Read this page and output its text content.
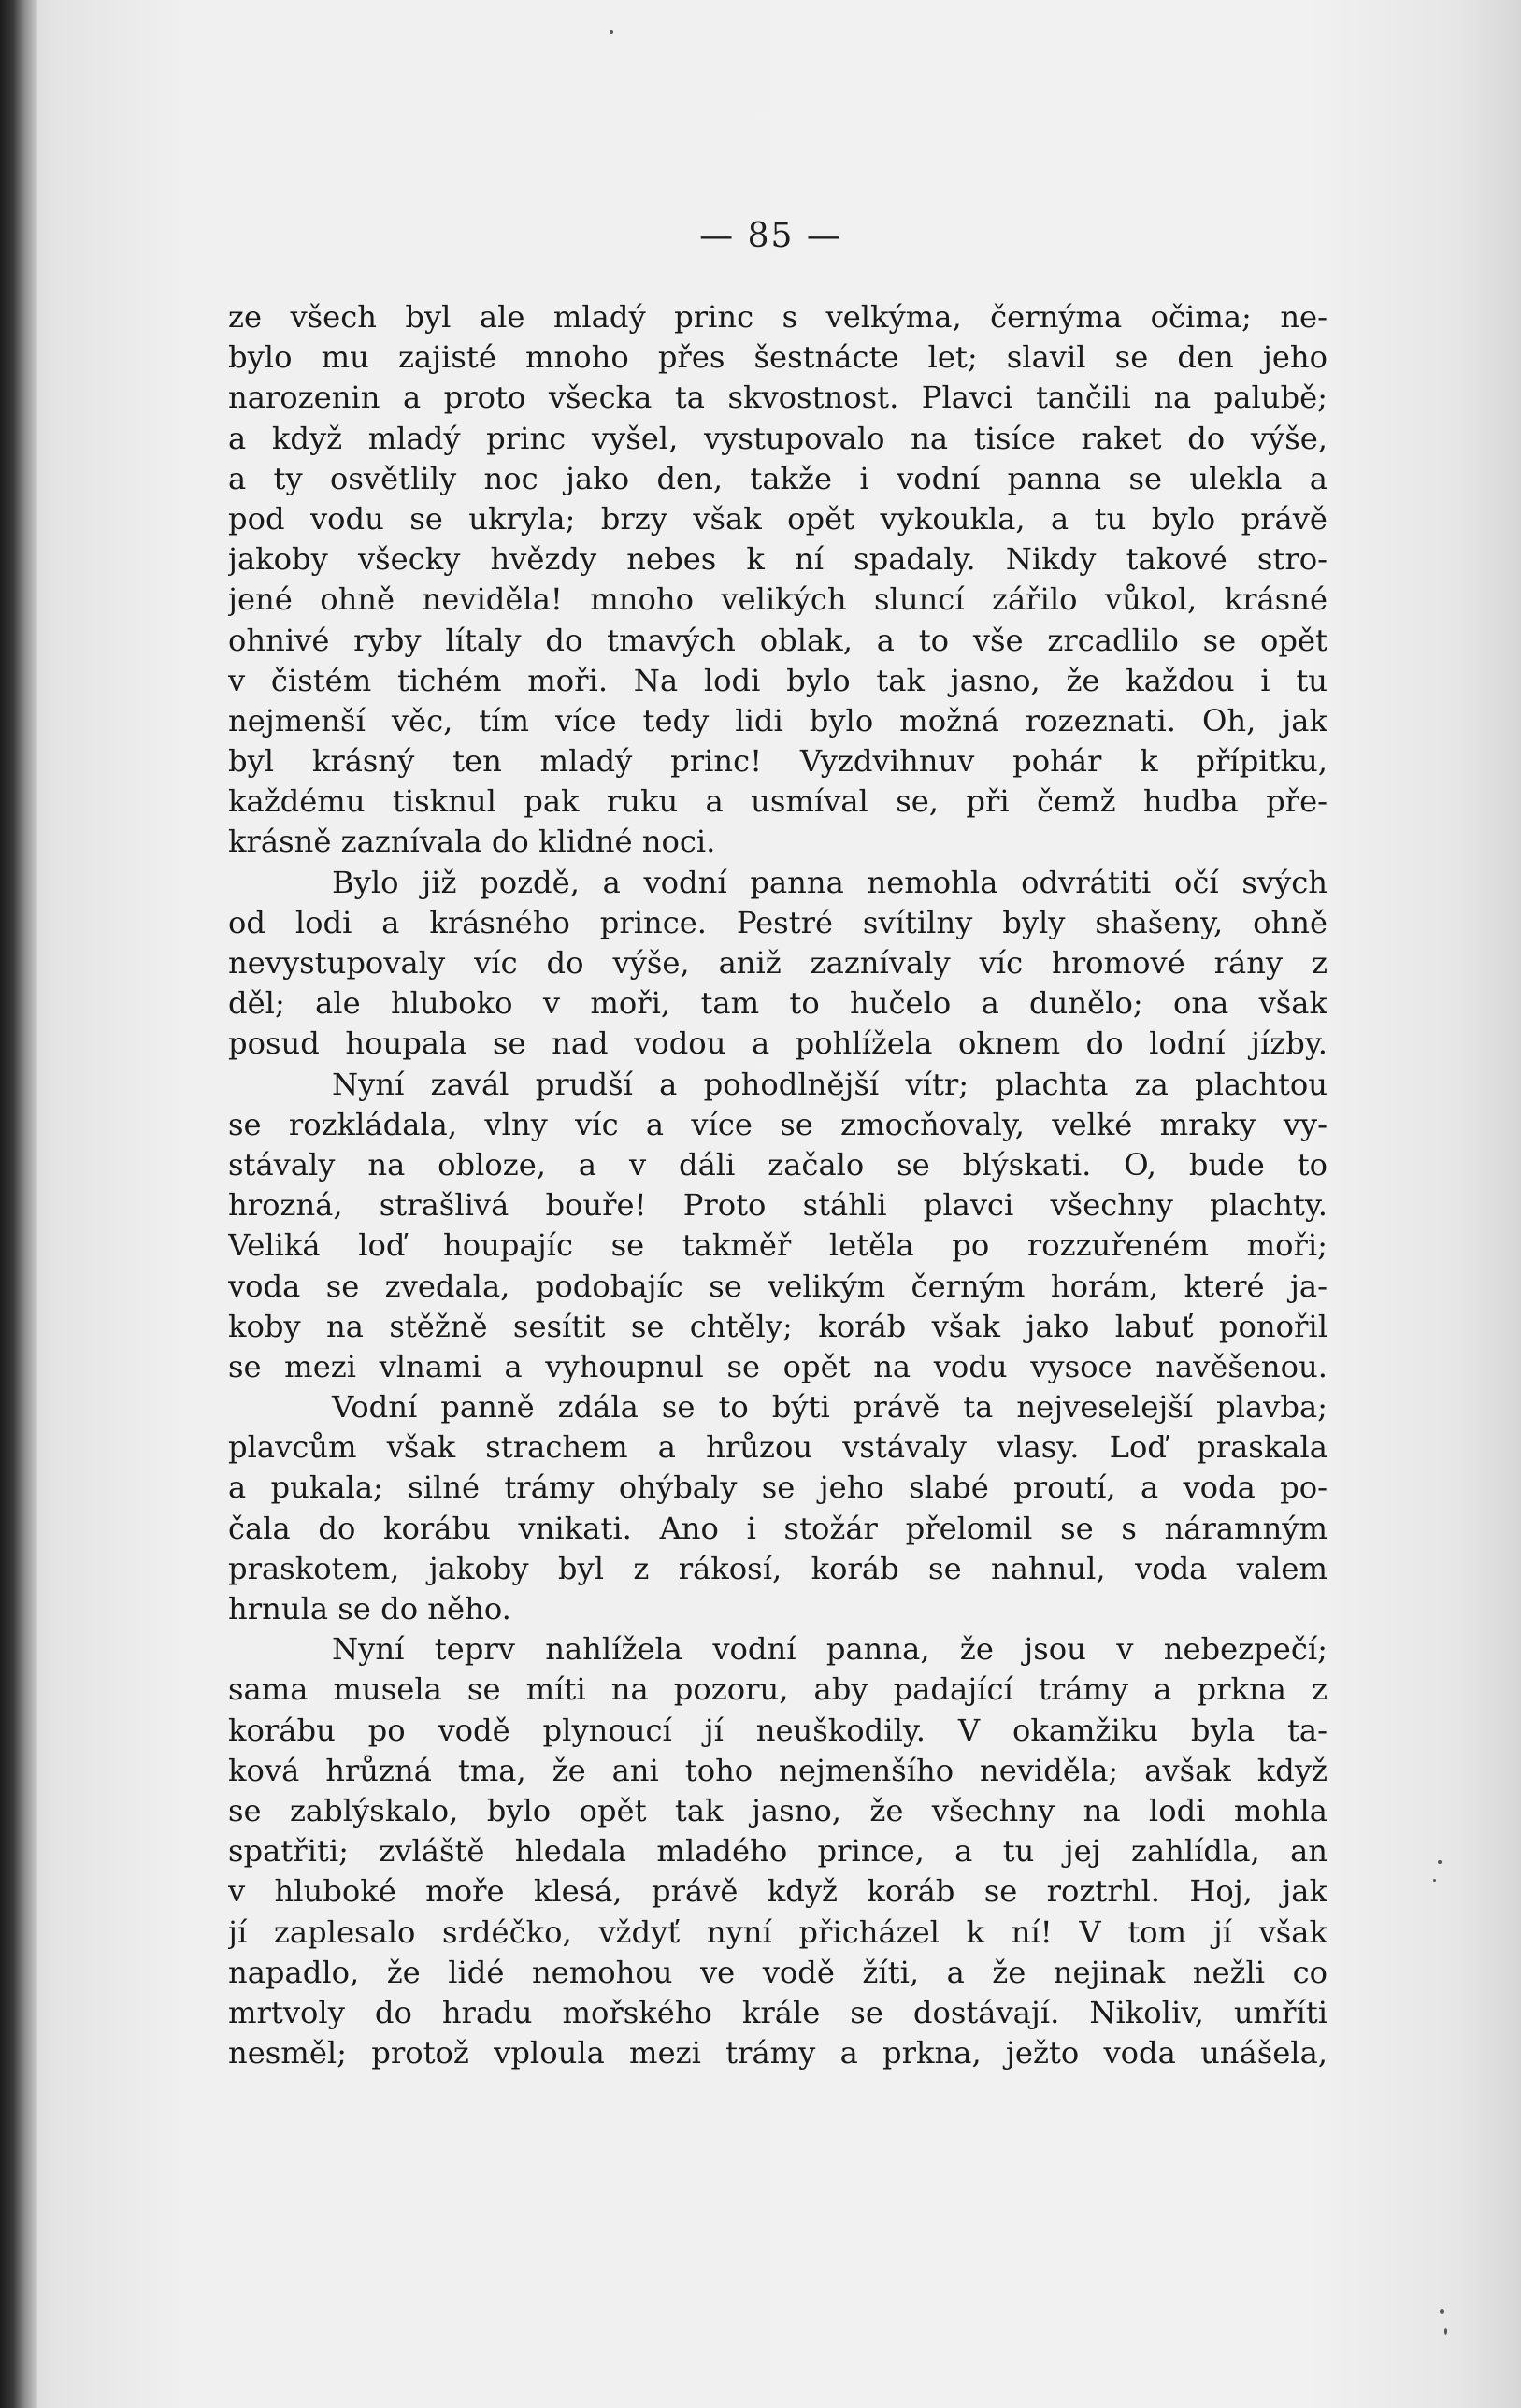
— 85 —
ze všech byl ale mladý princ s velkýma, černýma očima; ne-
bylo mu zajisté mnoho přes šestnácte let; slavil se den jeho
narozenin a proto všecka ta skvostnost. Plavci tančili na palubě;
a když mladý princ vyšel, vystupovalo na tisíce raket do výše,
a ty osvětlily noc jako den, takže i vodní panna se ulekla a
pod vodu se ukryla; brzy však opět vykoukla, a tu bylo právě
jakoby všecky hvězdy nebes k ní spadaly. Nikdy takové stro-
jené ohně neviděla! mnoho velikých sluncí zářilo vůkol, krásné
ohnivé ryby lítaly do tmavých oblak, a to vše zrcadlilo se opět
v čistém tichém moři. Na lodi bylo tak jasno, že každou i tu
nejmenší věc, tím více tedy lidi bylo možná rozeznati. Oh, jak
byl krásný ten mladý princ! Vyzdvihnuv pohár k přípitku,
každému tisknul pak ruku a usmíval se, při čemž hudba pře-
krásně zaznívala do klidné noci.
Bylo již pozdě, a vodní panna nemohla odvrátiti očí svých
od lodi a krásného prince. Pestré svítilny byly shašeny, ohně
nevystupovaly víc do výše, aniž zaznívaly víc hromové rány z
děl; ale hluboko v moři, tam to hučelo a dunělo; ona však
posud houpala se nad vodou a pohlížela oknem do lodní jízby.
Nyní zavál prudší a pohodlnější vítr; plachta za plachtou
se rozkládala, vlny víc a více se zmocňovaly, velké mraky vy-
stávaly na obloze, a v dáli začalo se blýskati. O, bude to
hrozná, strašlivá bouře! Proto stáhli plavci všechny plachty.
Veliká loď houpajíc se takměř letěla po rozzuřeném moři;
voda se zvedala, podobajíc se velikým černým horám, které ja-
koby na stěžně sesítit se chtěly; koráb však jako labuť ponořil
se mezi vlnami a vyhoupnul se opět na vodu vysoce navěšenou.
Vodní panně zdála se to býti právě ta nejveselejší plavba;
plavcům však strachem a hrůzou vstávaly vlasy. Loď praskala
a pukala; silné trámy ohýbaly se jeho slabé proutí, a voda po-
čala do korábu vnikati. Ano i stožár přelomil se s náramným
praskotem, jakoby byl z rákosí, koráb se nahnul, voda valem
hrnula se do něho.
Nyní teprv nahlížela vodní panna, že jsou v nebezpečí;
sama musela se míti na pozoru, aby padající trámy a prkna z
korábu po vodě plynoucí jí neuškodily. V okamžiku byla ta-
ková hrůzná tma, že ani toho nejmenšího neviděla; avšak když
se zablýskalo, bylo opět tak jasno, že všechny na lodi mohla
spatřiti; zvláště hledala mladého prince, a tu jej zahlídla, an
v hluboké moře klesá, právě když koráb se roztrhl. Hoj, jak
jí zaplesalo srdéčko, vždyť nyní přicházel k ní! V tom jí však
napadlo, že lidé nemohou ve vodě žíti, a že nejinak nežli co
mrtvoly do hradu mořského krále se dostávají. Nikoliv, umříti
nesměl; protož vploula mezi trámy a prkna, ježto voda unášela,
